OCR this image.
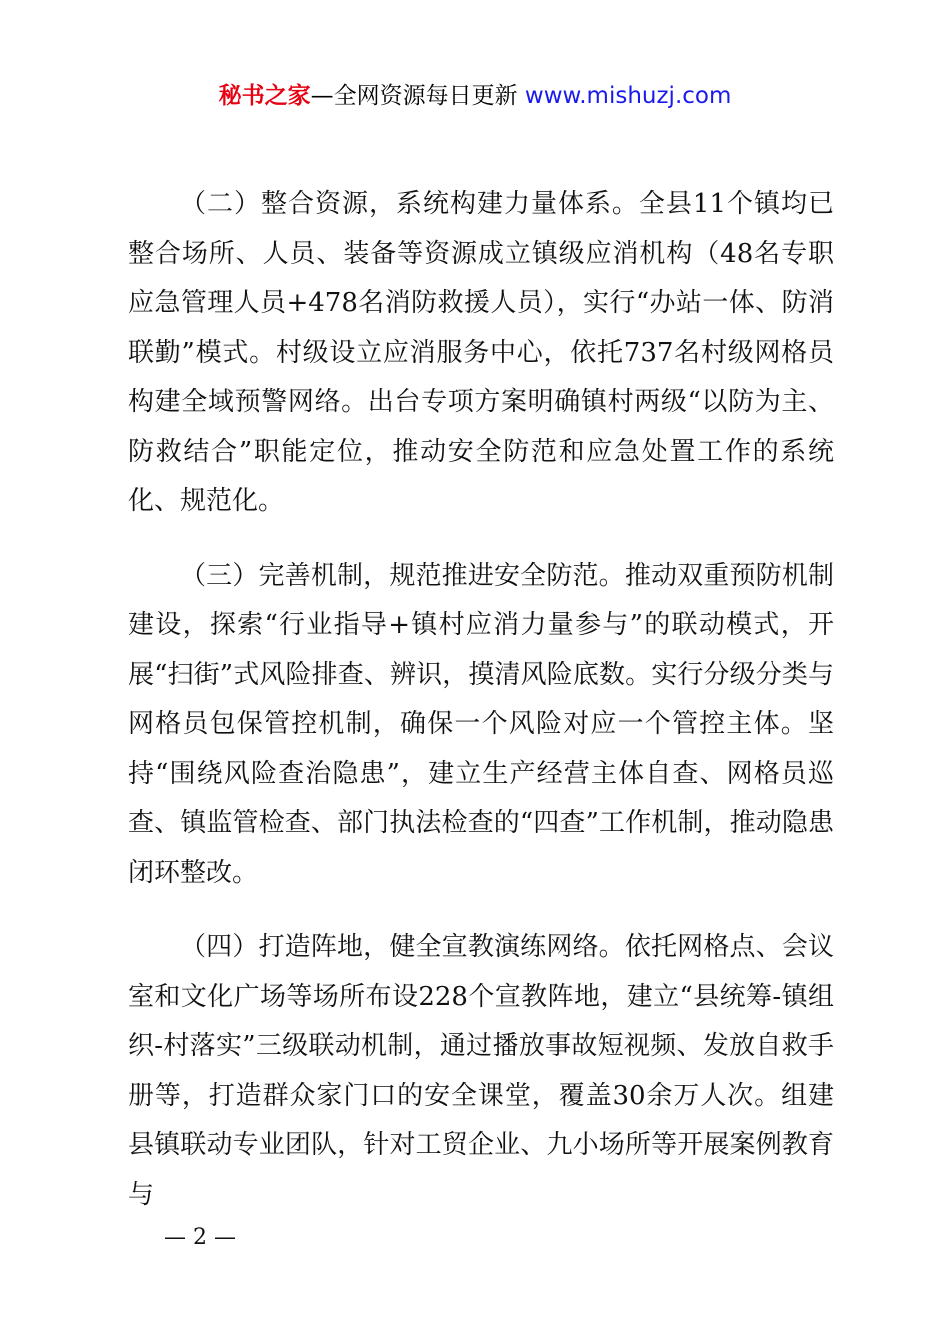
秘书之家—全网资源每日更新 www.mishuzj.com

（二）整合资源，系统构建力量体系。全县11个镇均已整合场所、人员、装备等资源成立镇级应消机构（48名专职应急管理人员+478名消防救援人员），实行“办站一体、防消联勤”模式。村级设立应消服务中心，依托737名村级网格员构建全域预警网络。出台专项方案明确镇村两级“以防为主、防救结合”职能定位，推动安全防范和应急处置工作的系统化、规范化。

（三）完善机制，规范推进安全防范。推动双重预防机制建设，探索“行业指导+镇村应消力量参与”的联动模式，开展“扫街”式风险排查、辨识，摸清风险底数。实行分级分类与网格员包保管控机制，确保一个风险对应一个管控主体。坚持“围绕风险查治隐患”，建立生产经营主体自查、网格员巡查、镇监管检查、部门执法检查的“四查”工作机制，推动隐患闭环整改。

（四）打造阵地，健全宣教演练网络。依托网格点、会议室和文化广场等场所布设228个宣教阵地，建立“县统筹-镇组织-村落实”三级联动机制，通过播放事故短视频、发放自救手册等，打造群众家门口的安全课堂，覆盖30余万人次。组建县镇联动专业团队，针对工贸企业、九小场所等开展案例教育与

— 2 —
